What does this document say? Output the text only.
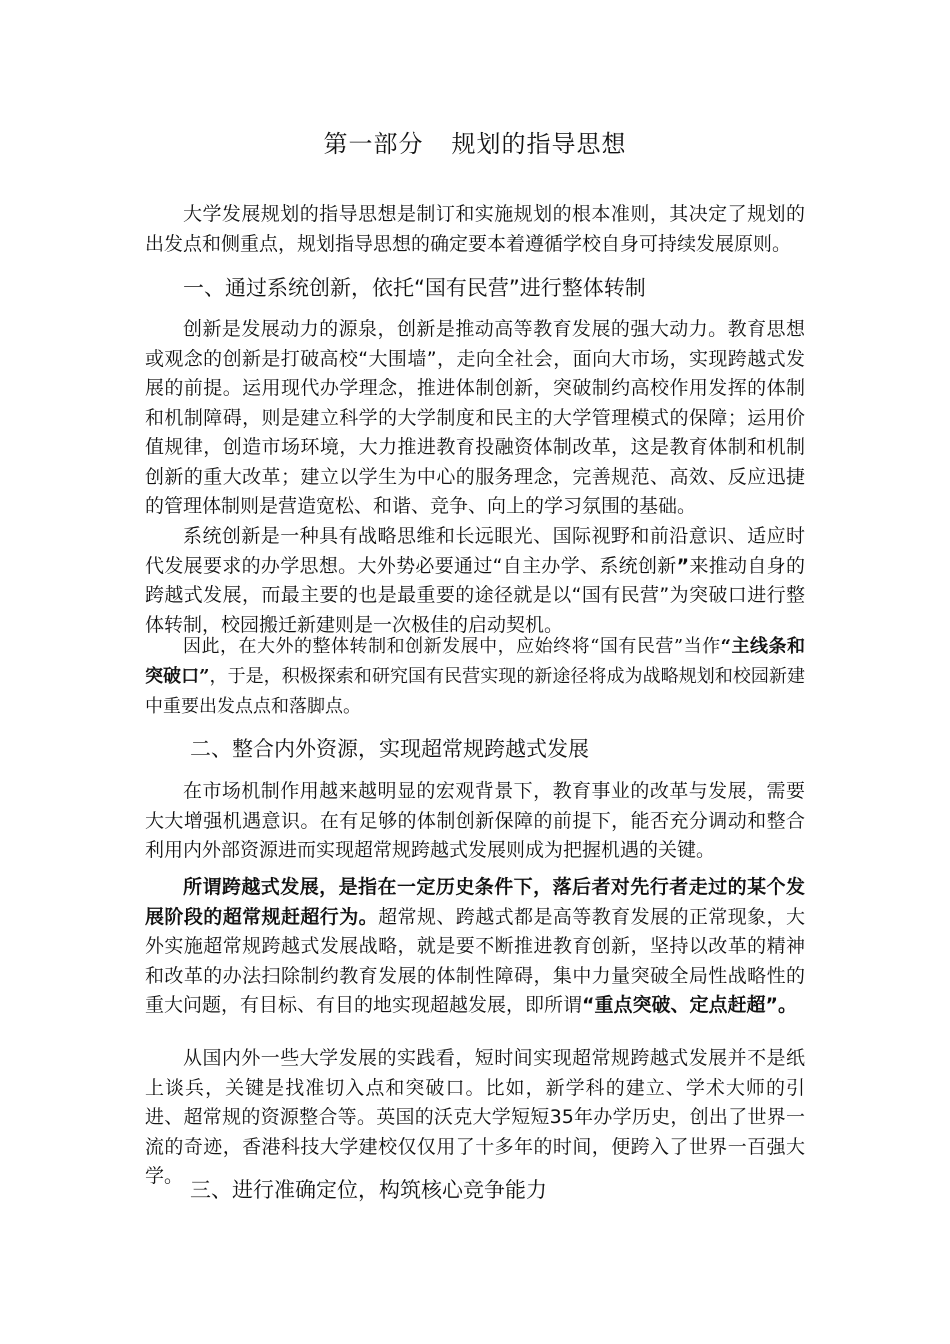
第一部分 规划的指导思想

大学发展规划的指导思想是制订和实施规划的根本准则，其决定了规划的出发点和侧重点，规划指导思想的确定要本着遵循学校自身可持续发展原则。

一、通过系统创新，依托“国有民营”进行整体转制

创新是发展动力的源泉，创新是推动高等教育发展的强大动力。教育思想或观念的创新是打破高校“大围墙”，走向全社会，面向大市场，实现跨越式发展的前提。运用现代办学理念，推进体制创新，突破制约高校作用发挥的体制和机制障碍，则是建立科学的大学制度和民主的大学管理模式的保障；运用价值规律，创造市场环境，大力推进教育投融资体制改革，这是教育体制和机制创新的重大改革；建立以学生为中心的服务理念，完善规范、高效、反应迅捷的管理体制则是营造宽松、和谐、竞争、向上的学习氛围的基础。

系统创新是一种具有战略思维和长远眼光、国际视野和前沿意识、适应时代发展要求的办学思想。大外势必要通过“自主办学、系统创新”来推动自身的跨越式发展，而最主要的也是最重要的途径就是以“国有民营”为突破口进行整体转制，校园搬迁新建则是一次极佳的启动契机。

因此，在大外的整体转制和创新发展中，应始终将“国有民营”当作“主线条和突破口”，于是，积极探索和研究国有民营实现的新途径将成为战略规划和校园新建中重要出发点点和落脚点。

二、整合内外资源，实现超常规跨越式发展

在市场机制作用越来越明显的宏观背景下，教育事业的改革与发展，需要大大增强机遇意识。在有足够的体制创新保障的前提下，能否充分调动和整合利用内外部资源进而实现超常规跨越式发展则成为把握机遇的关键。

所谓跨越式发展，是指在一定历史条件下，落后者对先行者走过的某个发展阶段的超常规赶超行为。超常规、跨越式都是高等教育发展的正常现象，大外实施超常规跨越式发展战略，就是要不断推进教育创新，坚持以改革的精神和改革的办法扫除制约教育发展的体制性障碍，集中力量突破全局性战略性的重大问题，有目标、有目的地实现超越发展，即所谓“重点突破、定点赶超”。

从国内外一些大学发展的实践看，短时间实现超常规跨越式发展并不是纸上谈兵，关键是找准切入点和突破口。比如，新学科的建立、学术大师的引进、超常规的资源整合等。英国的沃克大学短短35年办学历史，创出了世界一流的奇迹，香港科技大学建校仅仅用了十多年的时间，便跨入了世界一百强大学。

三、进行准确定位，构筑核心竞争能力
